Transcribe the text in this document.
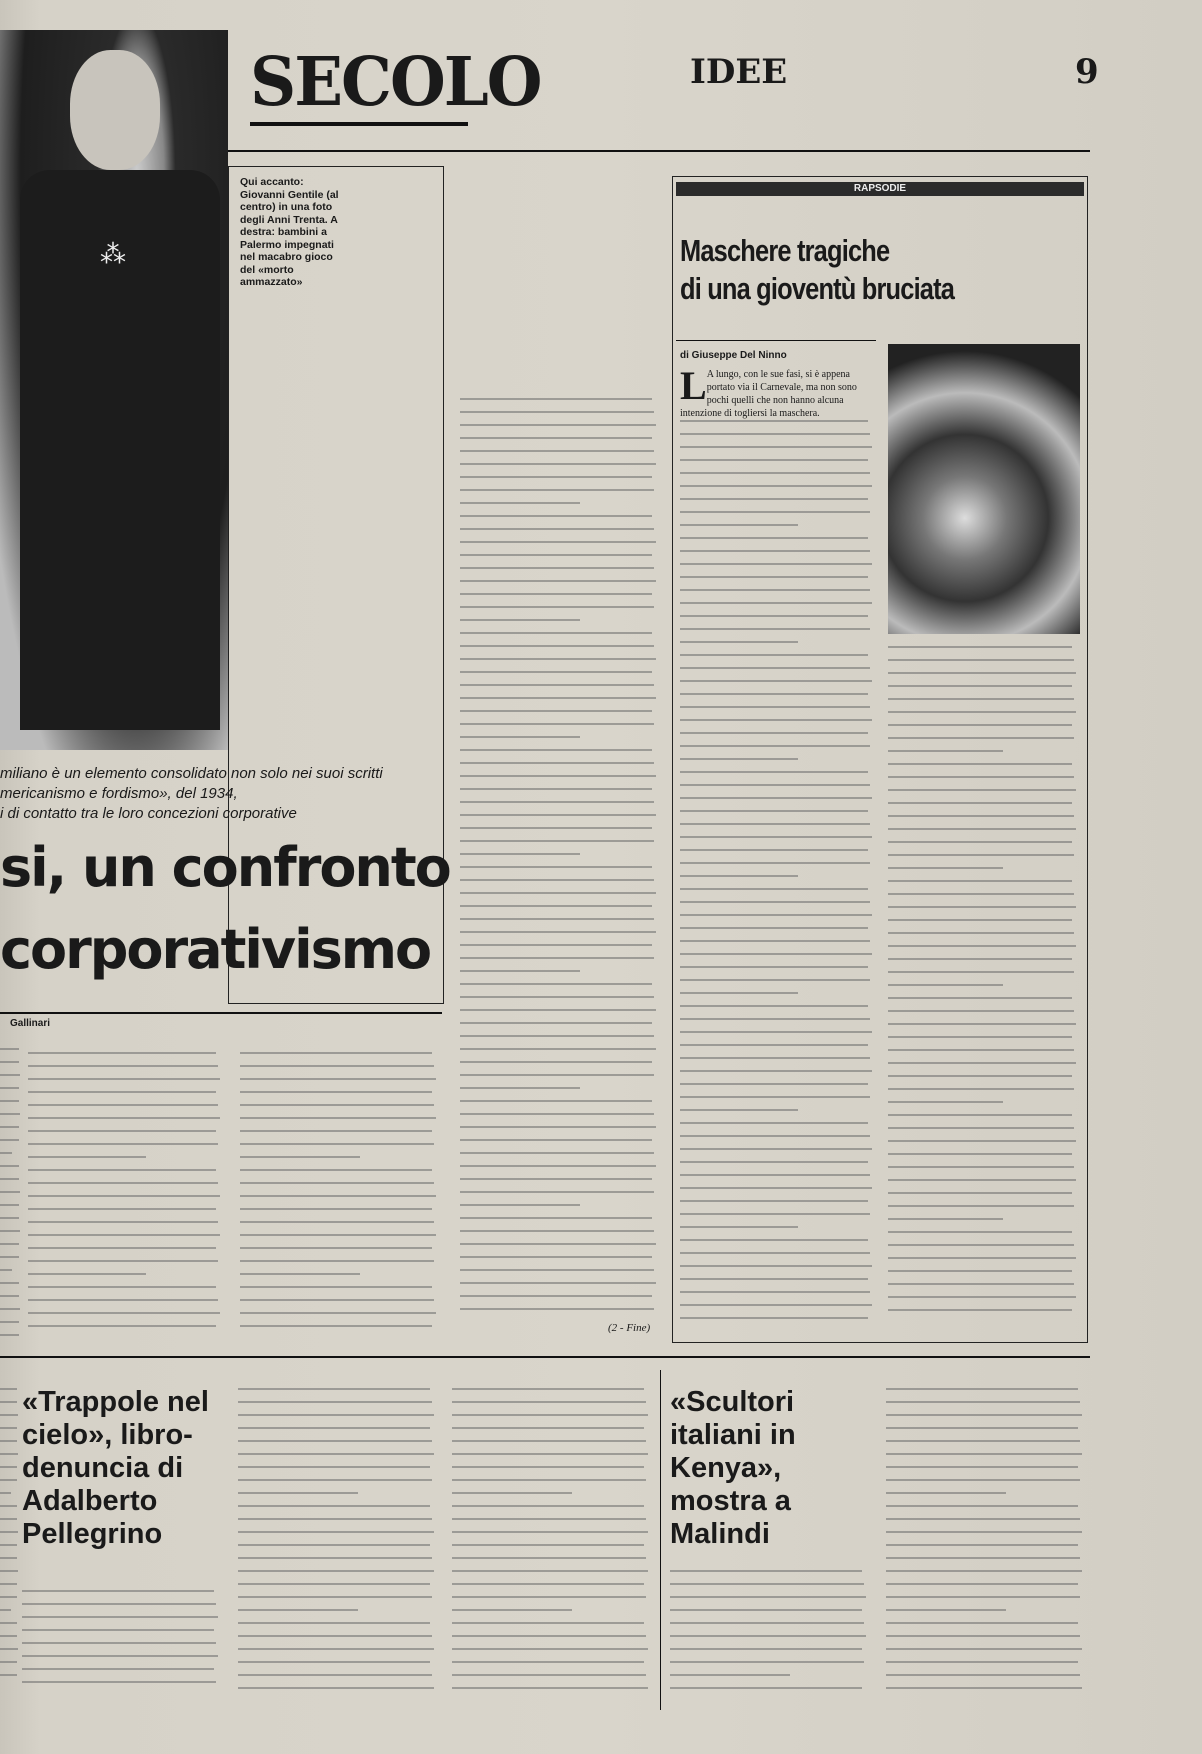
⁂
SECOLO	IDEE	9
Qui accanto: Giovanni Gentile (al centro) in una foto degli Anni Trenta. A destra: bambini a Palermo impegnati nel macabro gioco del «morto ammazzato»
miliano è un elemento consolidato non solo nei suoi scritti
mericanismo e fordismo», del 1934,
i di contatto tra le loro concezioni corporative
si, un confronto
corporativismo
Gallinari
(2 - Fine)
RAPSODIE
Maschere tragiche
di una gioventù bruciata
di Giuseppe Del Ninno
L A lungo, con le sue fasi, si è appena portato via il Carnevale, ma non sono pochi quelli che non hanno alcuna intenzione di togliersi la maschera.
«Trappole nel cielo», libro-denuncia di Adalberto Pellegrino
«Scultori italiani in Kenya», mostra a Malindi
